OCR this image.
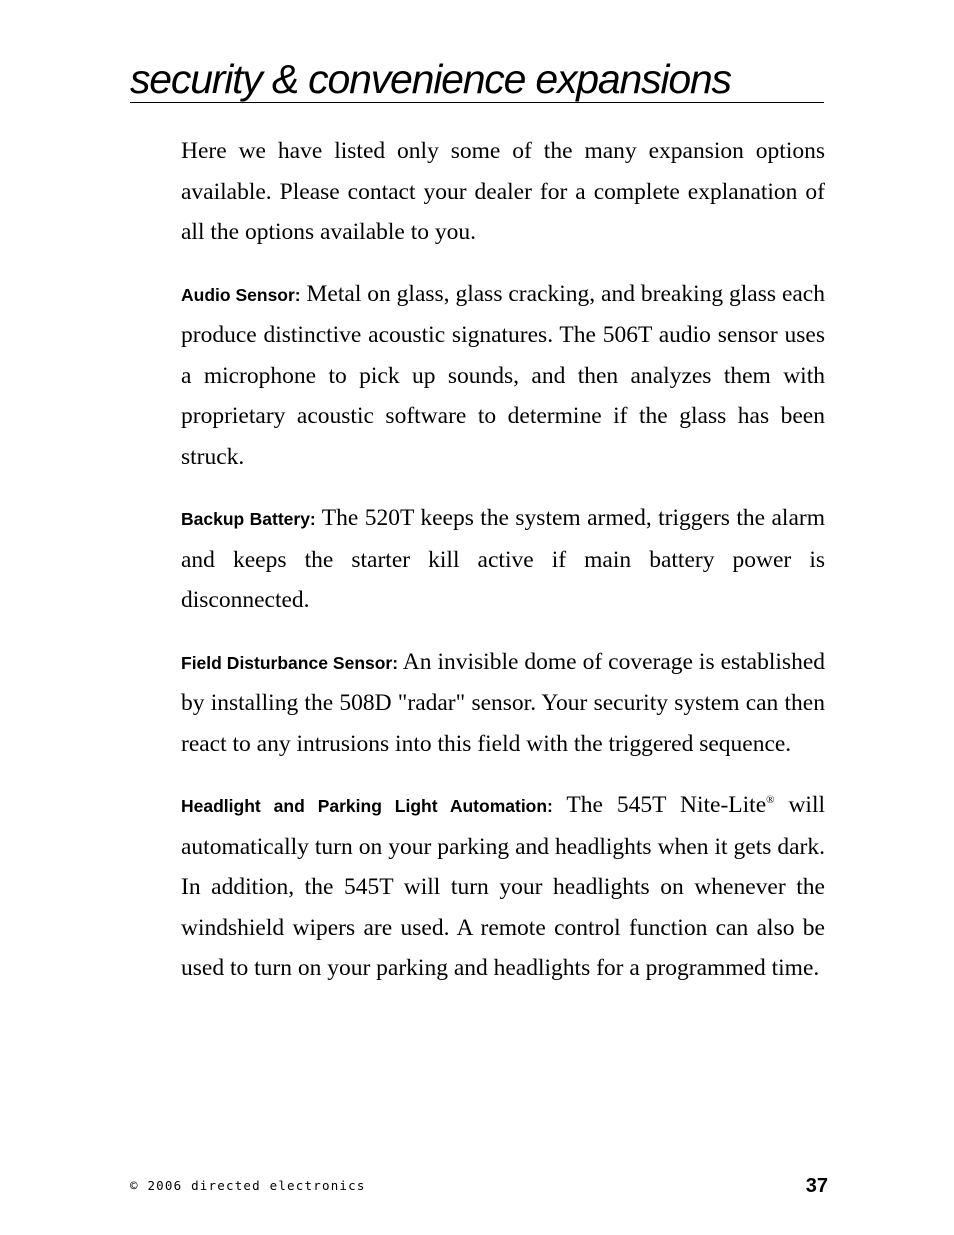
security & convenience expansions

Here we have listed only some of the many expansion options available. Please contact your dealer for a complete explanation of all the options available to you.

Audio Sensor: Metal on glass, glass cracking, and breaking glass each produce distinctive acoustic signatures. The 506T audio sensor uses a microphone to pick up sounds, and then analyzes them with proprietary acoustic software to determine if the glass has been struck.

Backup Battery: The 520T keeps the system armed, triggers the alarm and keeps the starter kill active if main battery power is disconnected.

Field Disturbance Sensor: An invisible dome of coverage is established by installing the 508D "radar" sensor. Your security system can then react to any intrusions into this field with the triggered sequence.

Headlight and Parking Light Automation: The 545T Nite-Lite® will automatically turn on your parking and headlights when it gets dark. In addition, the 545T will turn your headlights on whenever the windshield wipers are used. A remote control function can also be used to turn on your parking and headlights for a programmed time.

© 2006 directed electronics	37
